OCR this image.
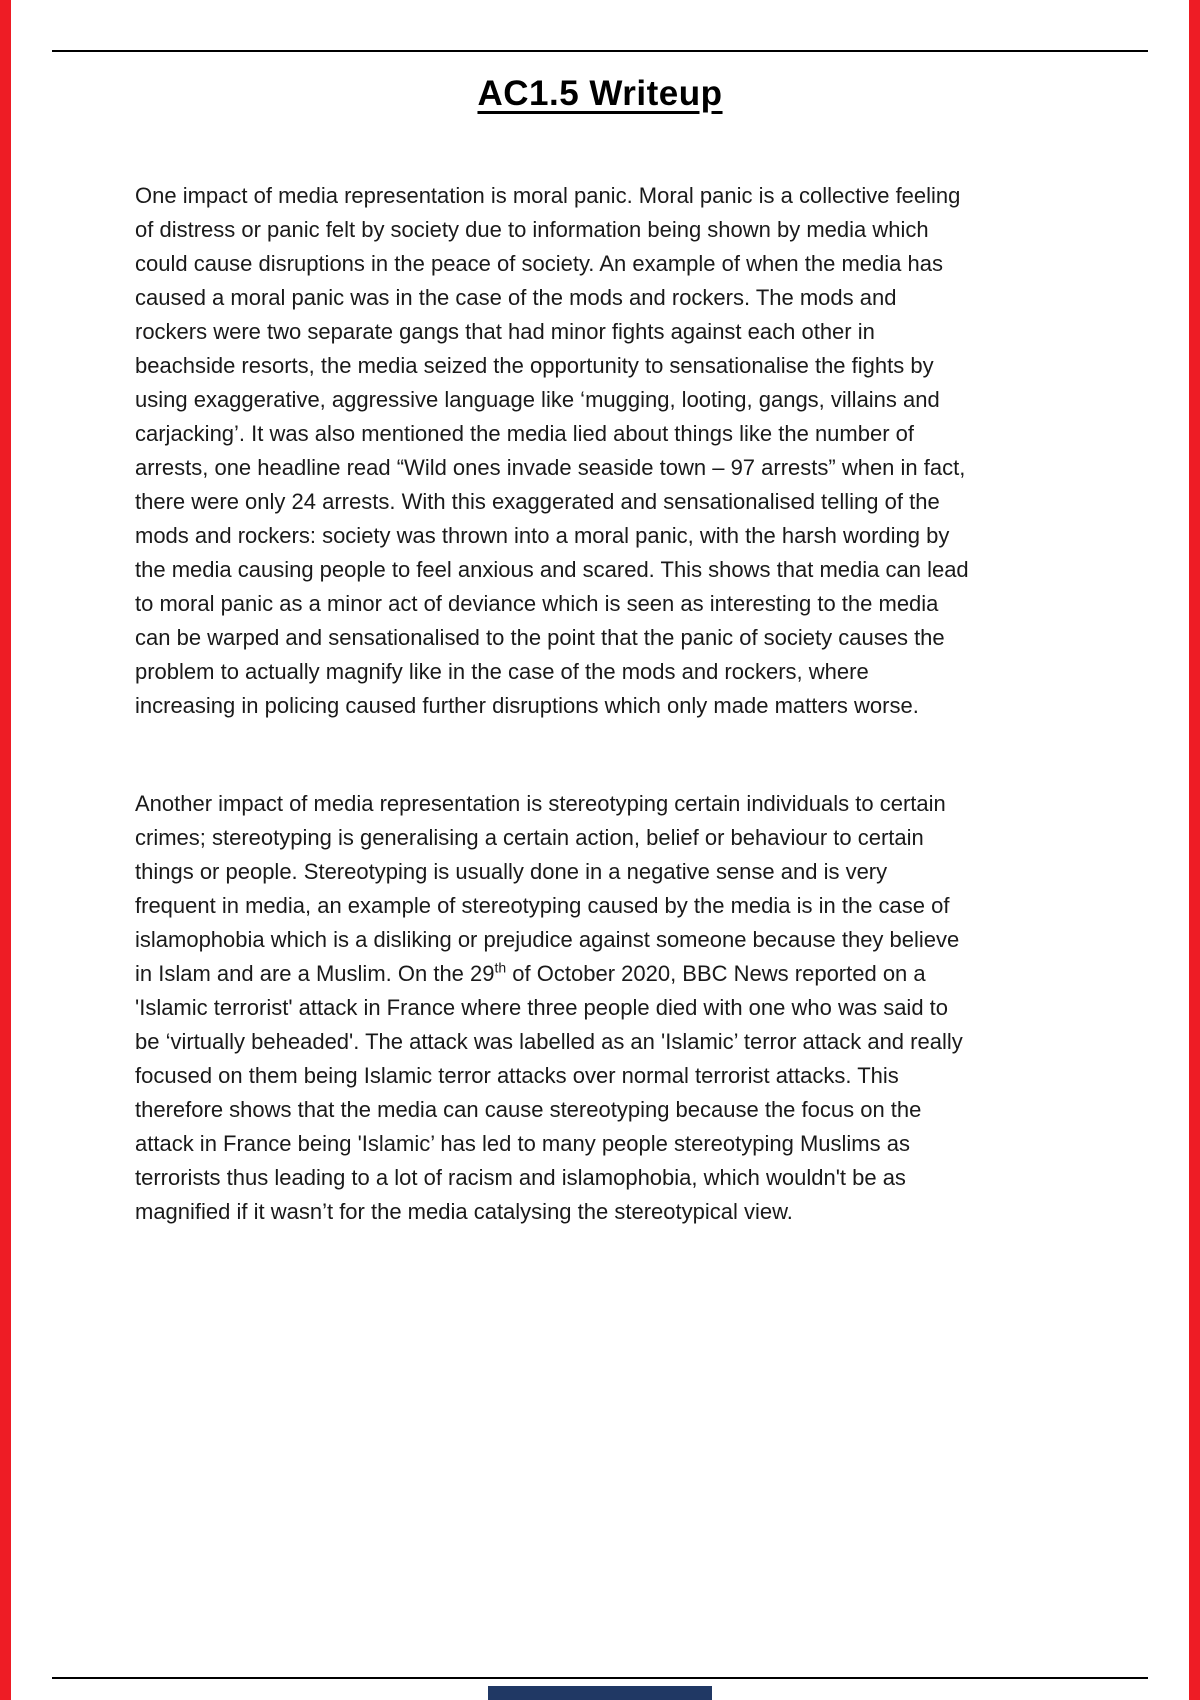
AC1.5 Writeup

One impact of media representation is moral panic. Moral panic is a collective feeling of distress or panic felt by society due to information being shown by media which could cause disruptions in the peace of society. An example of when the media has caused a moral panic was in the case of the mods and rockers. The mods and rockers were two separate gangs that had minor fights against each other in beachside resorts, the media seized the opportunity to sensationalise the fights by using exaggerative, aggressive language like ‘mugging, looting, gangs, villains and carjacking’. It was also mentioned the media lied about things like the number of arrests, one headline read “Wild ones invade seaside town – 97 arrests” when in fact, there were only 24 arrests. With this exaggerated and sensationalised telling of the mods and rockers: society was thrown into a moral panic, with the harsh wording by the media causing people to feel anxious and scared. This shows that media can lead to moral panic as a minor act of deviance which is seen as interesting to the media can be warped and sensationalised to the point that the panic of society causes the problem to actually magnify like in the case of the mods and rockers, where increasing in policing caused further disruptions which only made matters worse.

Another impact of media representation is stereotyping certain individuals to certain crimes; stereotyping is generalising a certain action, belief or behaviour to certain things or people. Stereotyping is usually done in a negative sense and is very frequent in media, an example of stereotyping caused by the media is in the case of islamophobia which is a disliking or prejudice against someone because they believe in Islam and are a Muslim. On the 29th of October 2020, BBC News reported on a 'Islamic terrorist' attack in France where three people died with one who was said to be ‘virtually beheaded'. The attack was labelled as an 'Islamic’ terror attack and really focused on them being Islamic terror attacks over normal terrorist attacks. This therefore shows that the media can cause stereotyping because the focus on the attack in France being 'Islamic’ has led to many people stereotyping Muslims as terrorists thus leading to a lot of racism and islamophobia, which wouldn't be as magnified if it wasn’t for the media catalysing the stereotypical view.
